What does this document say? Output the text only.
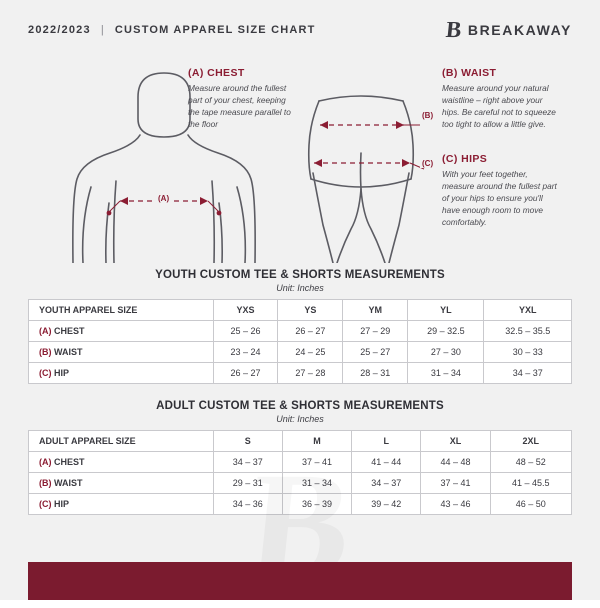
2022/2023 | CUSTOM APPAREL SIZE CHART	B BREAKAWAY
(A) CHEST
Measure around the fullest part of your chest, keeping the tape measure parallel to the floor
(B) WAIST
Measure around your natural waistline – right above your hips. Be careful not to squeeze too tight to allow a little give.
(C) HIPS
With your feet together, measure around the fullest part of your hips to ensure you'll have enough room to move comfortably.
(A)
(B)
(C)
YOUTH CUSTOM TEE & SHORTS MEASUREMENTS
Unit: Inches
YOUTH APPAREL SIZE	YXS	YS	YM	YL	YXL
(A) CHEST	25 – 26	26 – 27	27 – 29	29 – 32.5	32.5 – 35.5
(B) WAIST	23 – 24	24 – 25	25 – 27	27 – 30	30 – 33
(C) HIP	26 – 27	27 – 28	28 – 31	31 – 34	34 – 37
ADULT CUSTOM TEE & SHORTS MEASUREMENTS
Unit: Inches
ADULT APPAREL SIZE	S	M	L	XL	2XL
(A) CHEST	34 – 37	37 – 41	41 – 44	44 – 48	48 – 52
(B) WAIST	29 – 31	31 – 34	34 – 37	37 – 41	41 – 45.5
(C) HIP	34 – 36	36 – 39	39 – 42	43 – 46	46 – 50
